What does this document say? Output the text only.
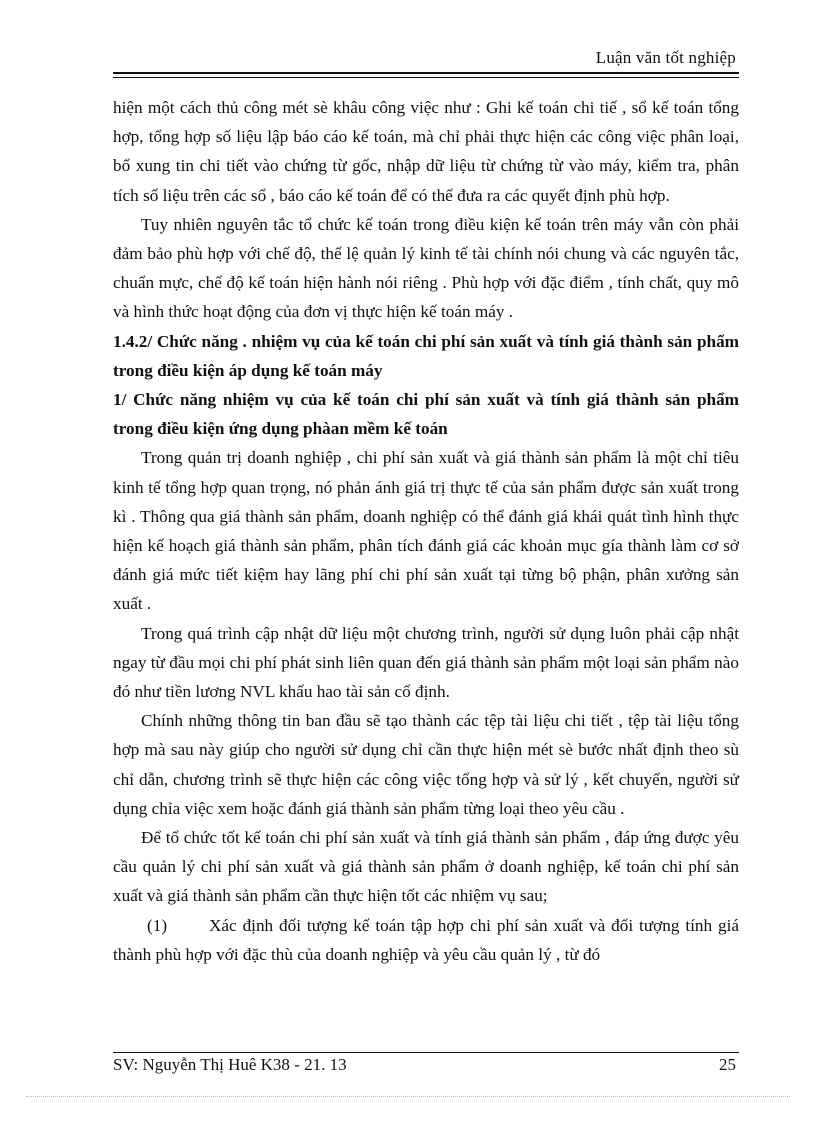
Luận văn tốt nghiệp

hiện một cách thủ công mét sè khâu công việc như : Ghi kế toán chi tiế , sổ kế toán tổng hợp, tổng hợp số liệu lập báo cáo kế toán, mà chỉ phải thực hiện các công việc phân loại, bổ xung tin chi tiết vào chứng từ gốc, nhập dữ liệu từ chứng từ vào máy, kiểm tra, phân tích số liệu trên các sổ , báo cáo kế toán để có thể đưa ra các quyết định phù hợp.

Tuy nhiên nguyên tắc tổ chức kế toán trong điều kiện kế toán trên máy vẫn còn phải đảm bảo phù hợp với chế độ, thể lệ quản lý kinh tế tài chính nói chung và các nguyên tắc, chuẩn mực, chế độ kế toán hiện hành nói riêng . Phù hợp với đặc điểm , tính chất, quy mô và hình thức hoạt động của đơn vị thực hiện kế toán máy .

1.4.2/ Chức năng . nhiệm vụ của kế toán chi phí sản xuất và tính giá thành sản phẩm trong điều kiện áp dụng kế toán máy

1/ Chức năng nhiệm vụ của kế toán chi phí sản xuất và tính giá thành sản phẩm trong điều kiện ứng dụng phàan mềm kế toán

Trong quản trị doanh nghiệp , chi phí sản xuất và giá thành sản phẩm là một chỉ tiêu kinh tế tổng hợp quan trọng, nó phản ánh giá trị thực tế của sản phẩm được sản xuất trong kì . Thông qua giá thành sản phẩm, doanh nghiệp có thể đánh giá khái quát tình hình thực hiện kế hoạch giá thành sản phẩm, phân tích đánh giá các khoản mục gía thành làm cơ sở đánh giá mức tiết kiệm hay lãng phí chi phí sản xuất tại từng bộ phận, phân xưởng sản xuất .

Trong quá trình cập nhật dữ liệu một chương trình, người sử dụng luôn phải cập nhật ngay từ đầu mọi chi phí phát sinh liên quan đến giá thành sản phẩm một loại sản phẩm nào đó như tiền lương NVL khấu hao tài sản cố định.

Chính những thông tin ban đầu sẽ tạo thành các tệp tài liệu chi tiết , tệp tài liệu tổng hợp mà sau này giúp cho người sử dụng chỉ cần thực hiện mét sè bước nhất định theo sù chỉ dẫn, chương trình sẽ thực hiện các công việc tổng hợp và sử lý , kết chuyển, người sử dụng chỉa việc xem hoặc đánh giá thành sản phẩm từng loại theo yêu cầu .

Để tổ chức tốt kế toán chi phí sản xuất và tính giá thành sản phẩm , đáp ứng được yêu cầu quản lý chi phí sản xuất và giá thành sản phẩm ở doanh nghiệp, kế toán chi phí sản xuất và giá thành sản phẩm cần thực hiện tốt các nhiệm vụ sau;

(1) Xác định đối tượng kế toán tập hợp chi phí sản xuất và đối tượng tính giá thành phù hợp với đặc thù của doanh nghiệp và yêu cầu quản lý , từ đó

SV: Nguyễn Thị Huê K38 - 21. 13	25
